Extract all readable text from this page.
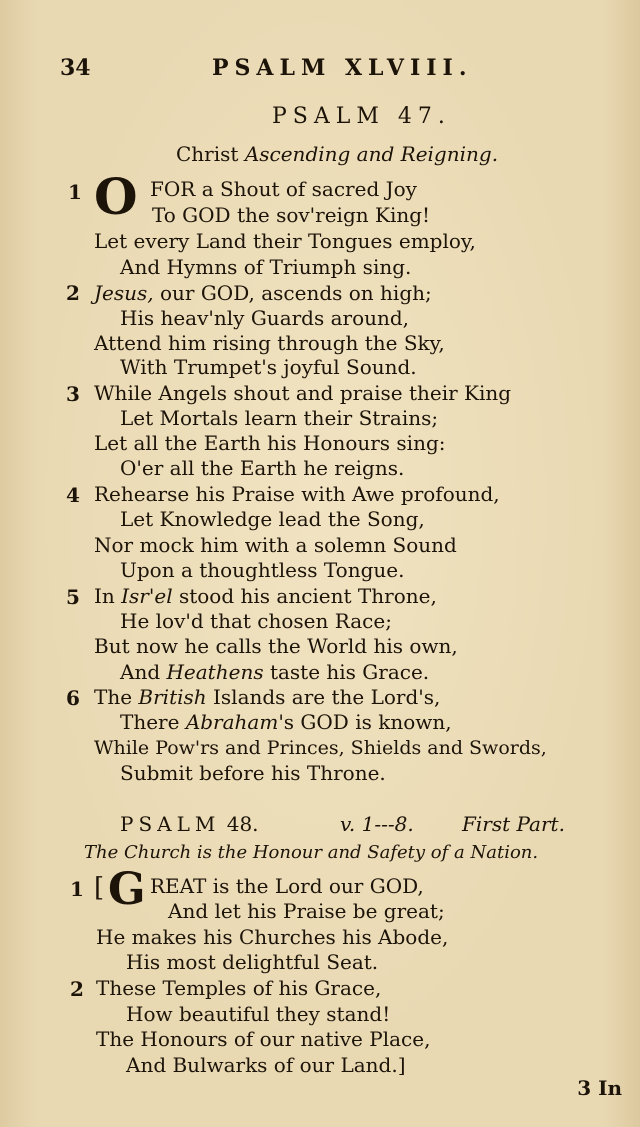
34	PSALM XLVIII.
PSALM 47.
Christ Ascending and Reigning.
1 O FOR a Shout of sacred Joy
To GOD the sov'reign King!
Let every Land their Tongues employ,
And Hymns of Triumph sing.
2 Jesus, our GOD, ascends on high;
His heav'nly Guards around,
Attend him rising through the Sky,
With Trumpet's joyful Sound.
3 While Angels shout and praise their King
Let Mortals learn their Strains;
Let all the Earth his Honours sing:
O'er all the Earth he reigns.
4 Rehearse his Praise with Awe profound,
Let Knowledge lead the Song,
Nor mock him with a solemn Sound
Upon a thoughtless Tongue.
5 In Isr'el stood his ancient Throne,
He lov'd that chosen Race;
But now he calls the World his own,
And Heathens taste his Grace.
6 The British Islands are the Lord's,
There Abraham's GOD is known,
While Pow'rs and Princes, Shields and Swords,
Submit before his Throne.
PSALM 48.	v. 1---8. First Part.
The Church is the Honour and Safety of a Nation.
1 [ G REAT is the Lord our GOD,
And let his Praise be great;
He makes his Churches his Abode,
His most delightful Seat.
2 These Temples of his Grace,
How beautiful they stand!
The Honours of our native Place,
And Bulwarks of our Land.]
3 In
